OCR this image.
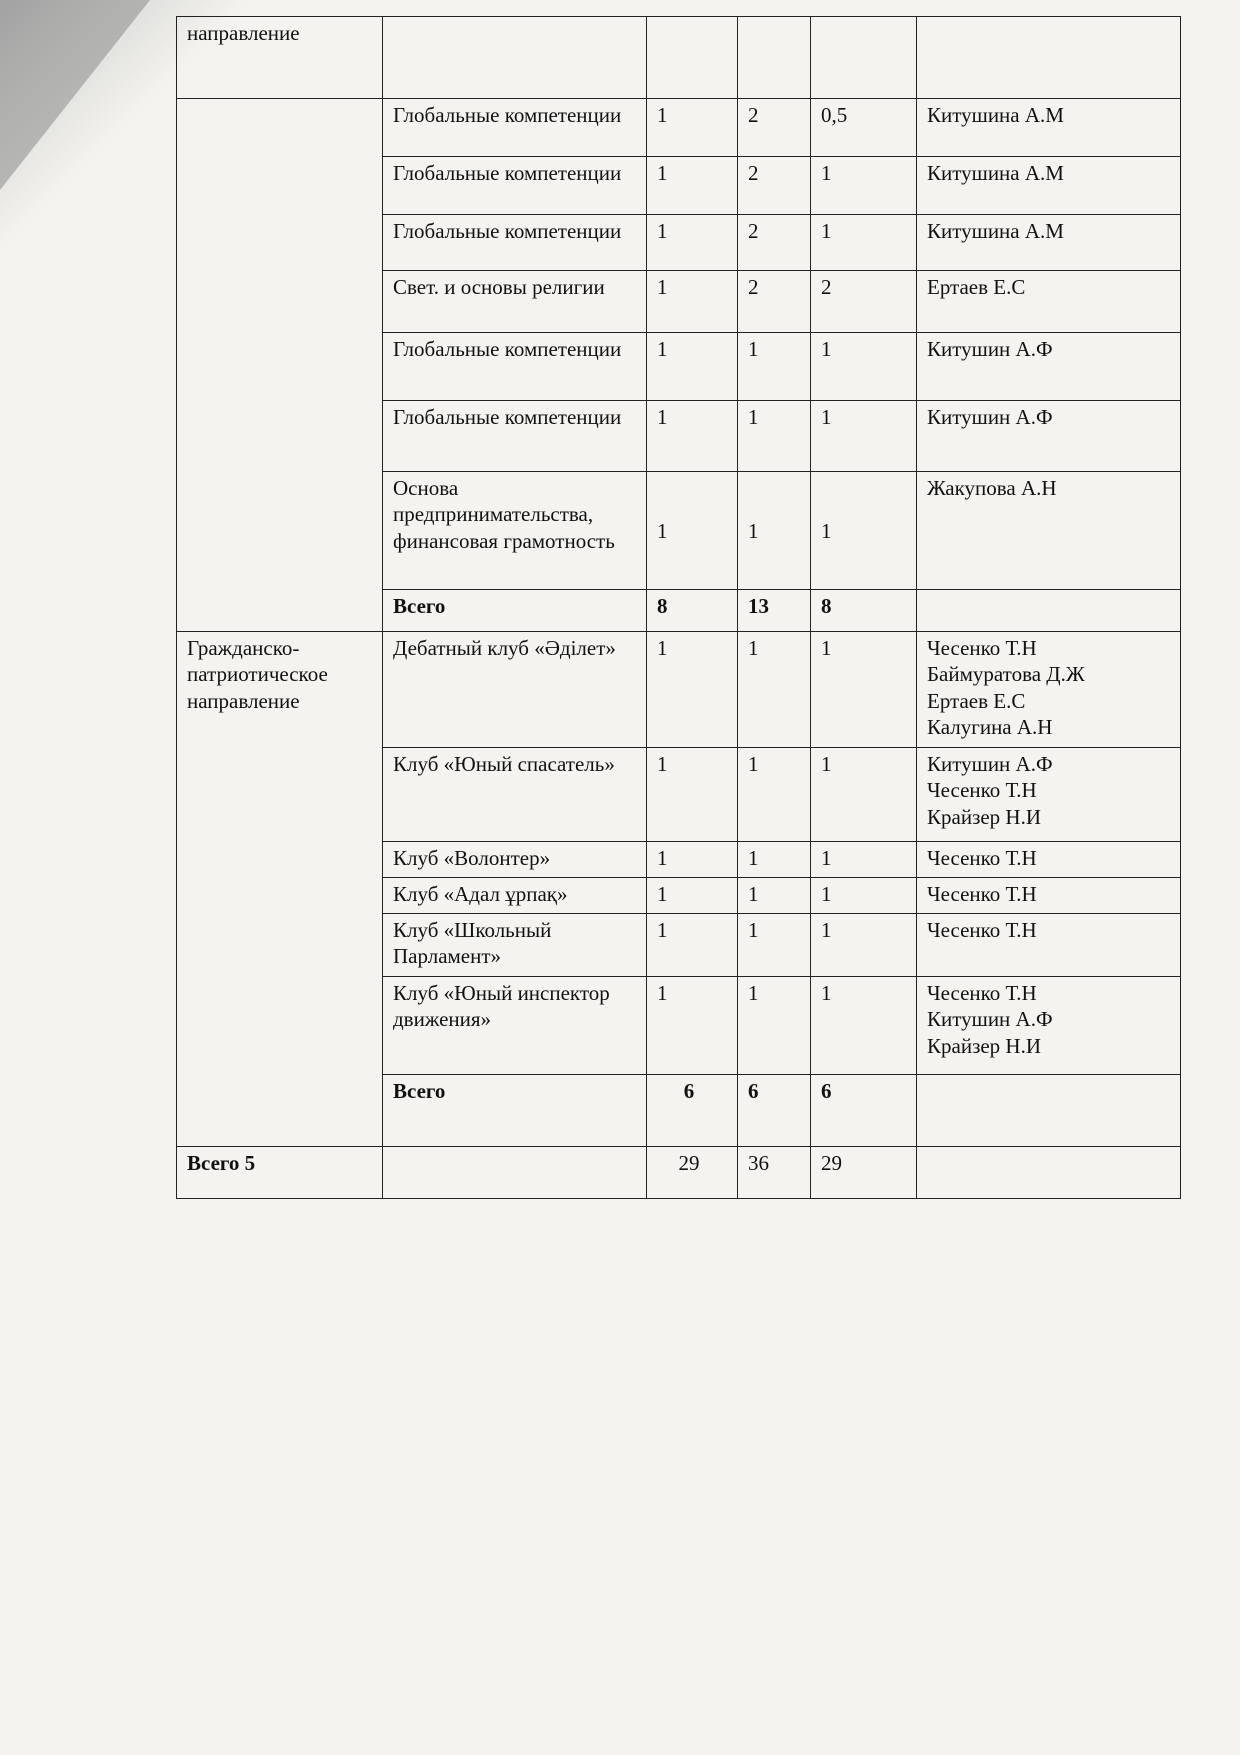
направление					
	Глобальные компетенции	1	2	0,5	Китушина А.М
	Глобальные компетенции	1	2	1	Китушина А.М
	Глобальные компетенции	1	2	1	Китушина А.М
	Свет. и основы религии	1	2	2	Ертаев Е.С
	Глобальные компетенции	1	1	1	Китушин А.Ф
	Глобальные компетенции	1	1	1	Китушин А.Ф
	Основа предпринимательства, финансовая грамотность	1	1	1	Жакупова А.Н
	Всего	8	13	8	
Гражданско-патриотическое направление	Дебатный клуб «Әділет»	1	1	1	Чесенко Т.Н
Баймуратова Д.Ж
Ертаев Е.С
Калугина А.Н

	Клуб «Юный спасатель»	1	1	1	Китушин А.Ф
Чесенко Т.Н
Крайзер Н.И

	Клуб «Волонтер»	1	1	1	Чесенко Т.Н
	Клуб «Адал ұрпақ»	1	1	1	Чесенко Т.Н
	Клуб «Школьный Парламент»	1	1	1	Чесенко Т.Н
	Клуб «Юный инспектор движения»	1	1	1	Чесенко Т.Н
Китушин А.Ф
Крайзер Н.И

	Всего	6	6	6	
Всего 5		29	36	29	
